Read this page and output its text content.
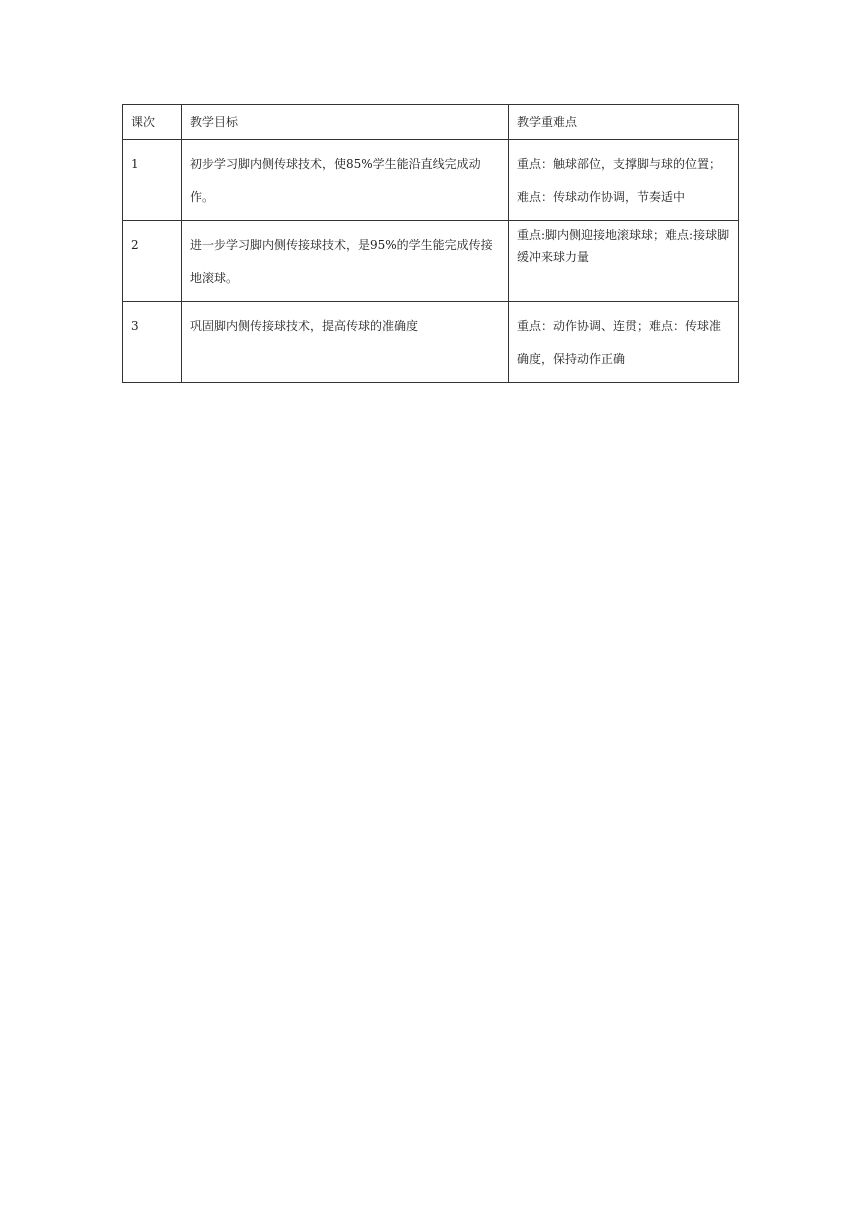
课次	教学目标	教学重难点
1	初步学习脚内侧传球技术，使85%学生能沿直线完成动作。	重点：触球部位，支撑脚与球的位置；难点：传球动作协调，节奏适中
2	进一步学习脚内侧传接球技术，是95%的学生能完成传接地滚球。	重点:脚内侧迎接地滚球球；难点:接球脚缓冲来球力量
3	巩固脚内侧传接球技术，提高传球的准确度	重点：动作协调、连贯；难点：传球准确度，保持动作正确
